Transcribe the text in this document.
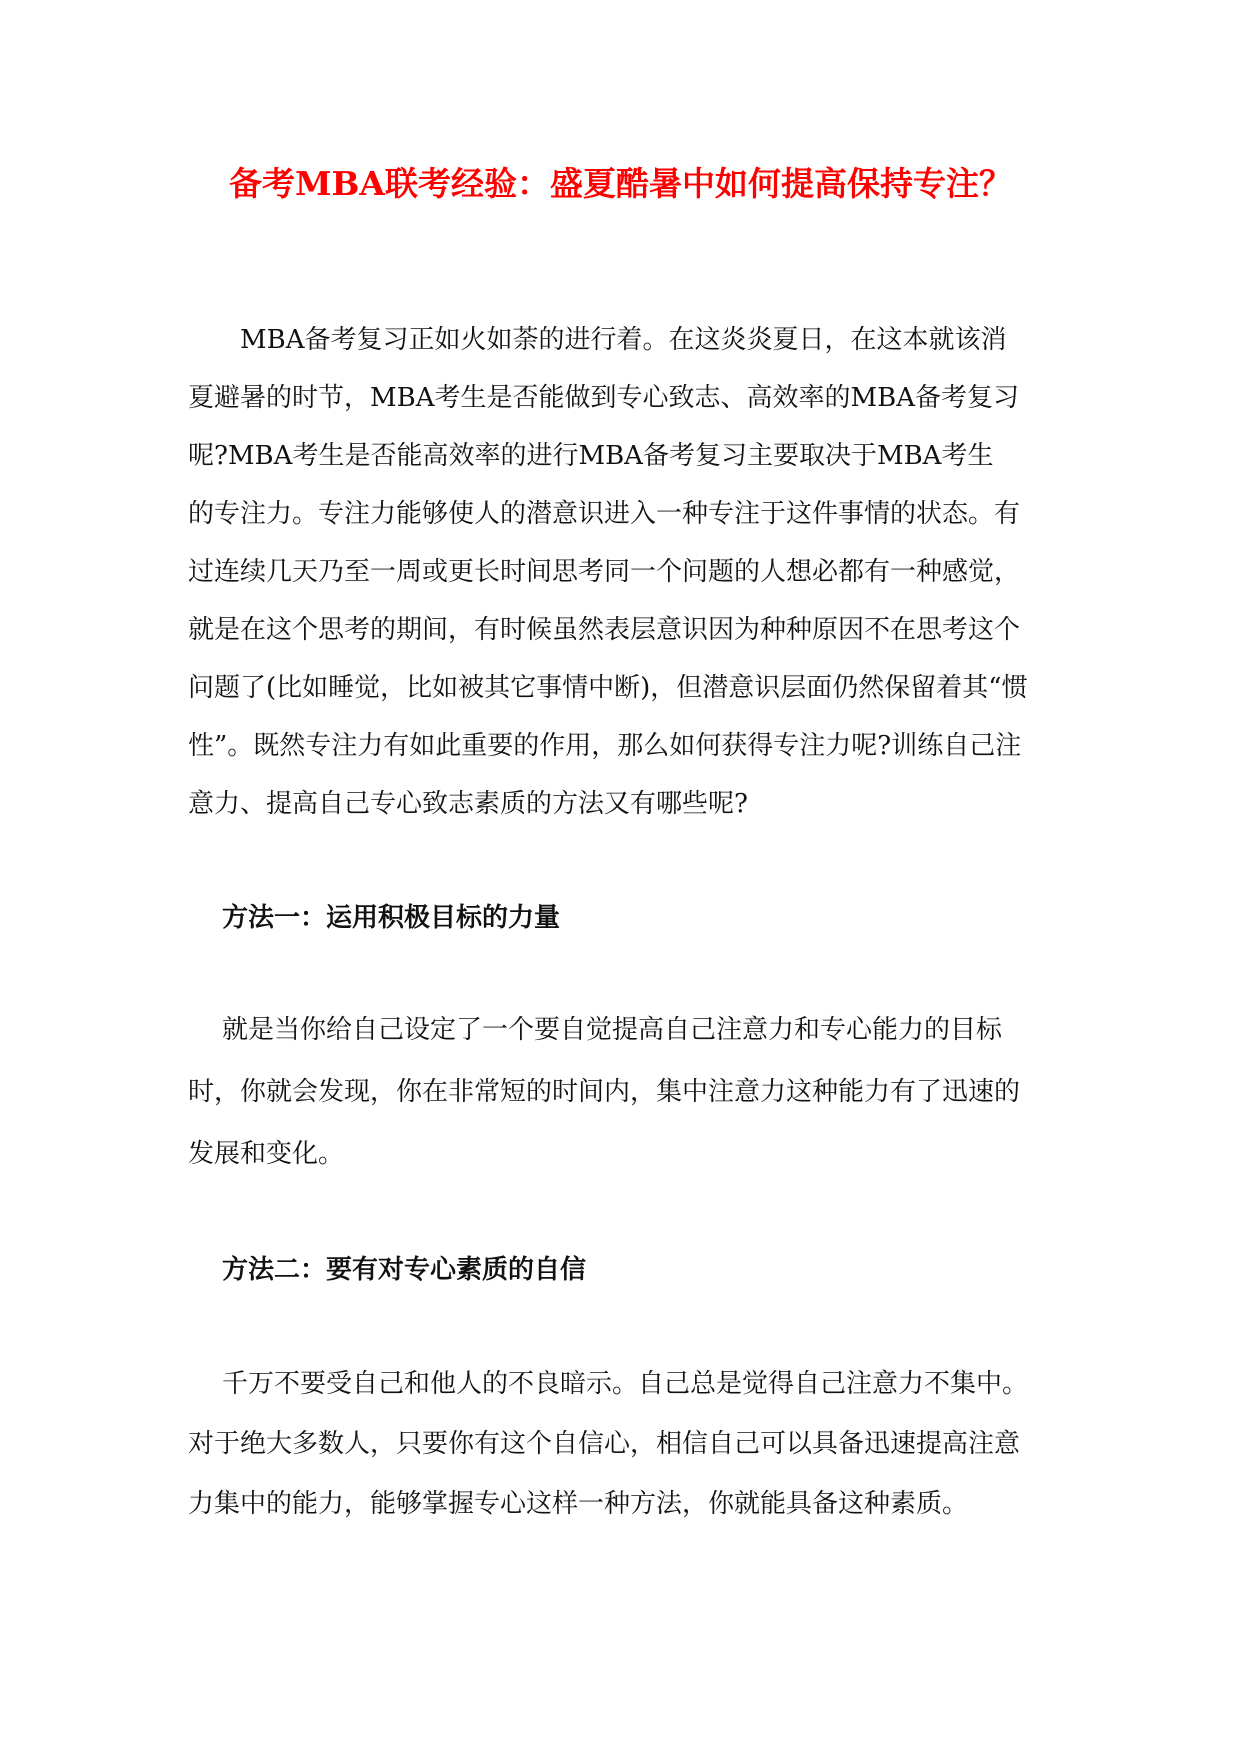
备考MBA联考经验：盛夏酷暑中如何提高保持专注？

MBA备考复习正如火如荼的进行着。在这炎炎夏日，在这本就该消

夏避暑的时节，MBA考生是否能做到专心致志、高效率的MBA备考复习

呢?MBA考生是否能高效率的进行MBA备考复习主要取决于MBA考生

的专注力。专注力能够使人的潜意识进入一种专注于这件事情的状态。有

过连续几天乃至一周或更长时间思考同一个问题的人想必都有一种感觉，

就是在这个思考的期间，有时候虽然表层意识因为种种原因不在思考这个

问题了(比如睡觉，比如被其它事情中断)，但潜意识层面仍然保留着其“惯

性”。既然专注力有如此重要的作用，那么如何获得专注力呢?训练自己注

意力、提高自己专心致志素质的方法又有哪些呢?

方法一：运用积极目标的力量

就是当你给自己设定了一个要自觉提高自己注意力和专心能力的目标

时，你就会发现，你在非常短的时间内，集中注意力这种能力有了迅速的

发展和变化。

方法二：要有对专心素质的自信

千万不要受自己和他人的不良暗示。自己总是觉得自己注意力不集中。

对于绝大多数人，只要你有这个自信心，相信自己可以具备迅速提高注意

力集中的能力，能够掌握专心这样一种方法，你就能具备这种素质。
